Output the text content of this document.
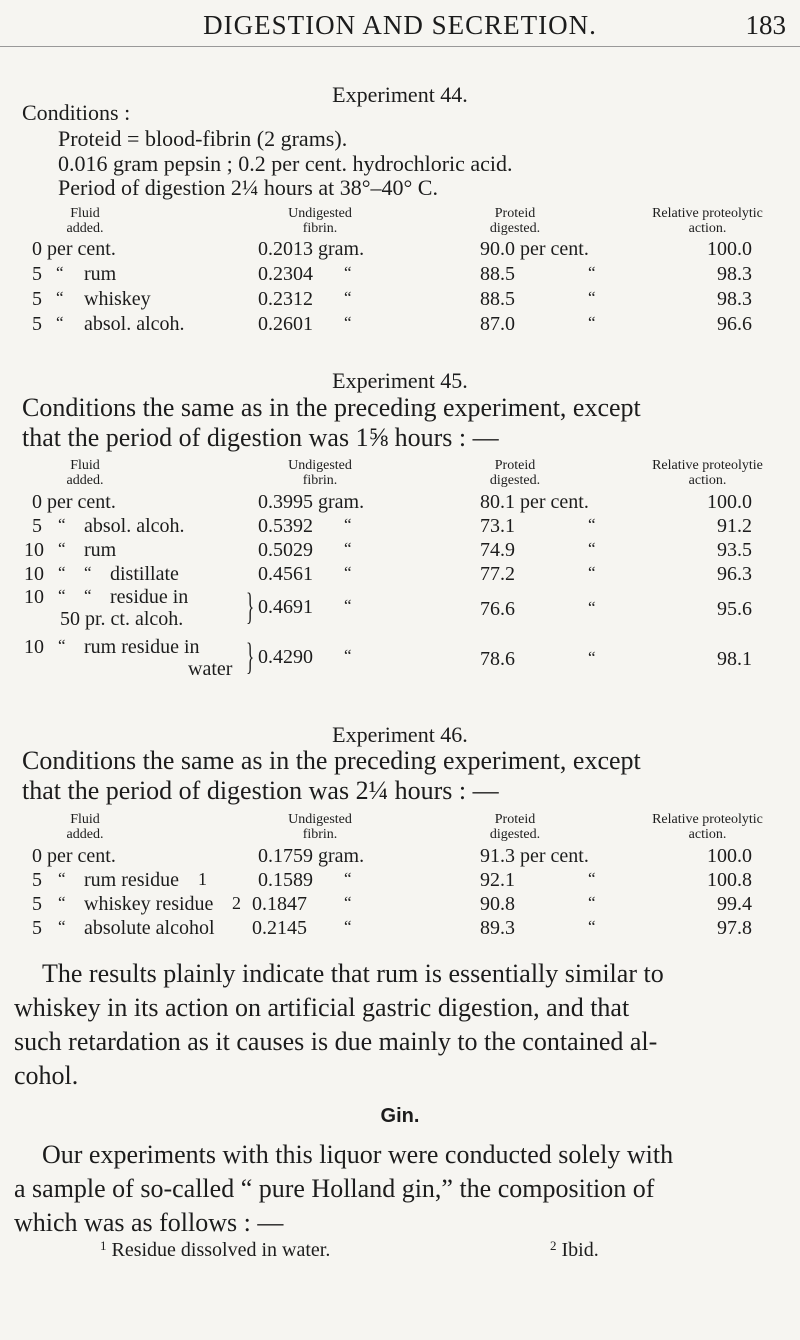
DIGESTION AND SECRETION.	183
Experiment 44.
Conditions :
Proteid = blood-fibrin (2 grams).
0.016 gram pepsin ; 0.2 per cent. hydrochloric acid.
Period of digestion 2¼ hours at 38°–40° C.
Fluid
added.
Undigested
fibrin.
Proteid
digested.
Relative proteolytic
action.
0 per cent.	0.2013 gram.	90.0 per cent.	100.0
5 “ rum	0.2304 “	88.5	“	98.3
5 “ whiskey	0.2312 “	88.5	“	98.3
5 “ absol. alcoh.	0.2601 “	87.0	“	96.6
Experiment 45.
Conditions the same as in the preceding experiment, except
that the period of digestion was 1⅝ hours : —
Fluid
added.
Undigested
fibrin.
Proteid
digested.
Relative proteolytie
action.
0 per cent.	0.3995 gram.	80.1 per cent.	100.0
5 “ absol. alcoh.	0.5392 “	73.1	“	91.2
10 “ rum	0.5029 “	74.9	“	93.5
10 “ “ distillate	0.4561 “	77.2	“	96.3
10 “ “ residue in
50 pr. ct. alcoh. } 0.4691 “	76.6	“	95.6
10 “ rum residue in
water } 0.4290 “	78.6	“	98.1
Experiment 46.
Conditions the same as in the preceding experiment, except
that the period of digestion was 2¼ hours : —
Fluid
added.
Undigested
fibrin.
Proteid
digested.
Relative proteolytic
action.
0 per cent.	0.1759 gram.	91.3 per cent.	100.0
5 “ rum residue 1	0.1589 “	92.1	“	100.8
5 “ whiskey residue 2 0.1847 “	90.8	“	99.4
5 “ absolute alcohol 0.2145 “	89.3	“	97.8
The results plainly indicate that rum is essentially similar to
whiskey in its action on artificial gastric digestion, and that
such retardation as it causes is due mainly to the contained al-
cohol.
Gin.
Our experiments with this liquor were conducted solely with
a sample of so-called “ pure Holland gin,” the composition of
which was as follows : —
$^1$ Residue dissolved in water.	$^2$ Ibid.
